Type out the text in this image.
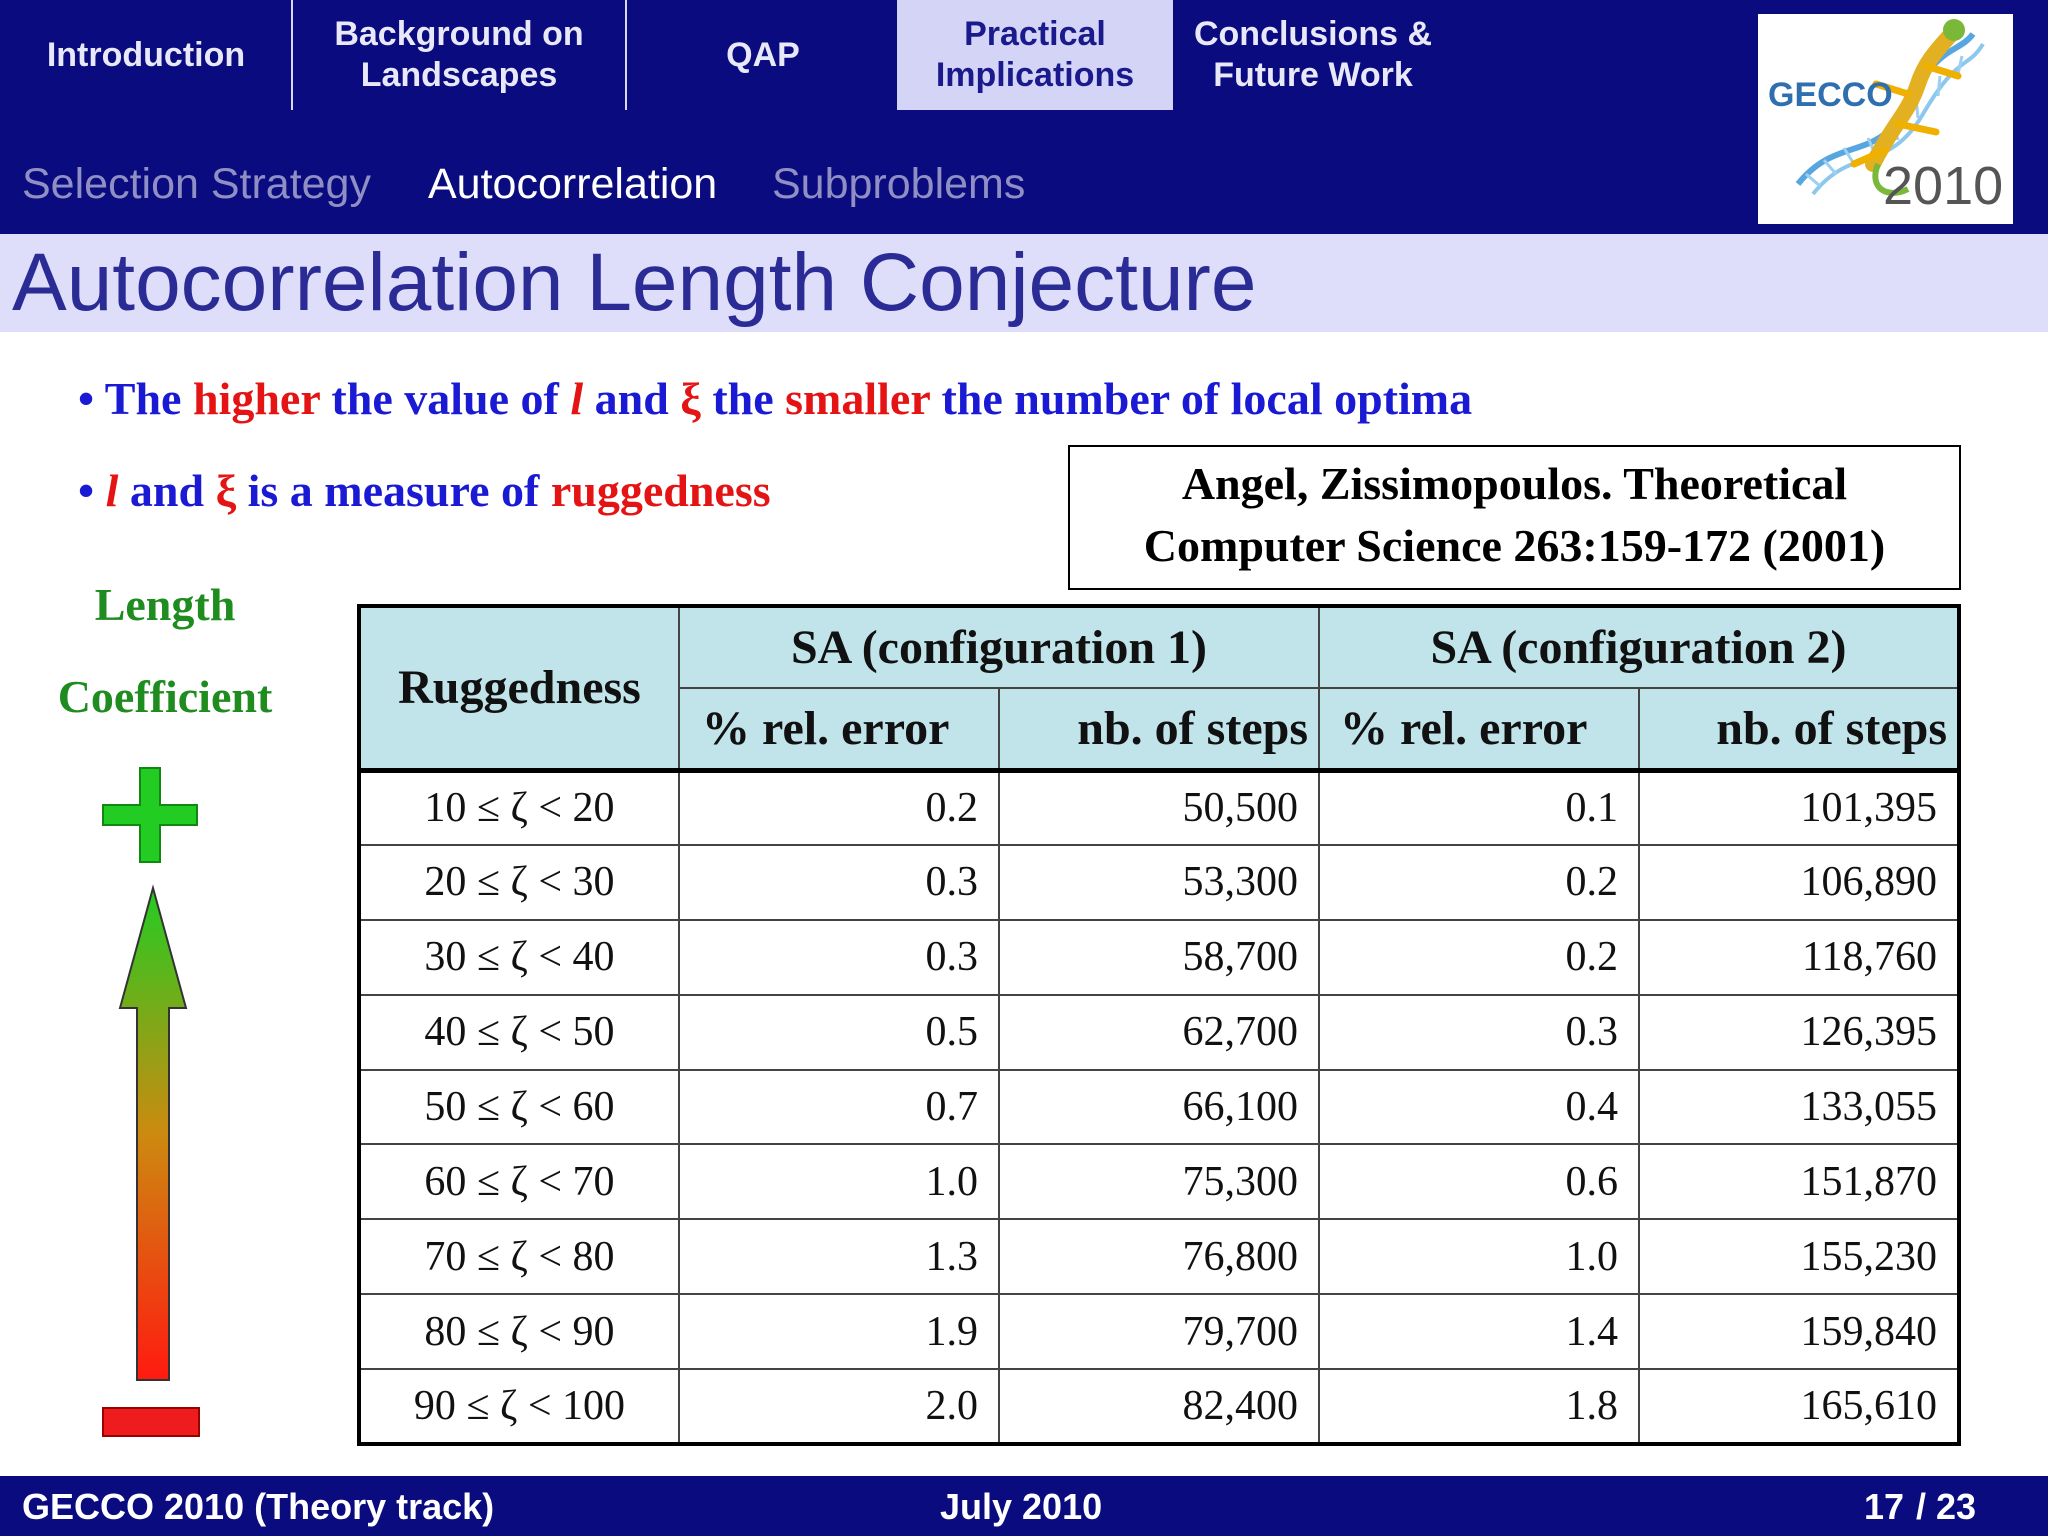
Introduction
Background on Landscapes
QAP
Practical Implications
Conclusions & Future Work
Selection Strategy Autocorrelation Subproblems
GECCO
2010
Autocorrelation Length Conjecture
• The higher the value of l and ξ the smaller the number of local optima
• l and ξ is a measure of ruggedness	Angel, Zissimopoulos. Theoretical
Computer Science 263:159-172 (2001)
Length
Coefficient	Ruggedness	SA (configuration 1)		SA (configuration 2)	
	% rel. error	nb. of steps	% rel. error	nb. of steps
10 ≤ ζ < 20	0.2	50,500	0.1	101,395
20 ≤ ζ < 30	0.3	53,300	0.2	106,890
30 ≤ ζ < 40	0.3	58,700	0.2	118,760
40 ≤ ζ < 50	0.5	62,700	0.3	126,395
50 ≤ ζ < 60	0.7	66,100	0.4	133,055
60 ≤ ζ < 70	1.0	75,300	0.6	151,870
70 ≤ ζ < 80	1.3	76,800	1.0	155,230
80 ≤ ζ < 90	1.9	79,700	1.4	159,840
90 ≤ ζ < 100	2.0	82,400	1.8	165,610
GECCO 2010 (Theory track)	July 2010	17 / 23
